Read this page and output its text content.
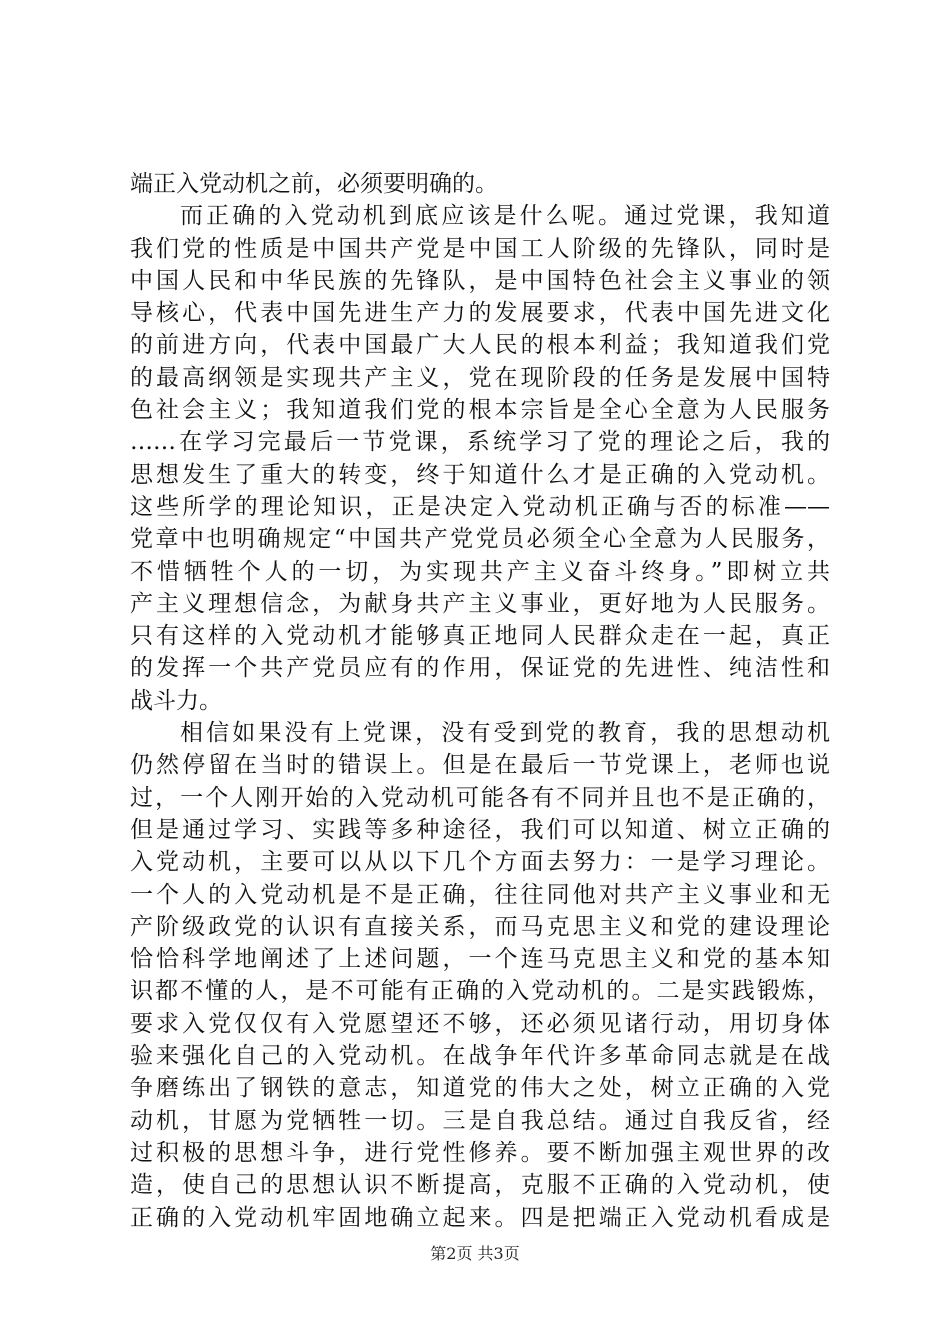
端正入党动机之前，必须要明确的。
而正确的入党动机到底应该是什么呢。通过党课，我知道
我们党的性质是中国共产党是中国工人阶级的先锋队，同时是
中国人民和中华民族的先锋队，是中国特色社会主义事业的领
导核心，代表中国先进生产力的发展要求，代表中国先进文化
的前进方向，代表中国最广大人民的根本利益；我知道我们党
的最高纲领是实现共产主义，党在现阶段的任务是发展中国特
色社会主义；我知道我们党的根本宗旨是全心全意为人民服务
……在学习完最后一节党课，系统学习了党的理论之后，我的
思想发生了重大的转变，终于知道什么才是正确的入党动机。
这些所学的理论知识，正是决定入党动机正确与否的标准——
党章中也明确规定“中国共产党党员必须全心全意为人民服务，
不惜牺牲个人的一切，为实现共产主义奋斗终身。”即树立共
产主义理想信念，为献身共产主义事业，更好地为人民服务。
只有这样的入党动机才能够真正地同人民群众走在一起，真正
的发挥一个共产党员应有的作用，保证党的先进性、纯洁性和
战斗力。
相信如果没有上党课，没有受到党的教育，我的思想动机
仍然停留在当时的错误上。但是在最后一节党课上，老师也说
过，一个人刚开始的入党动机可能各有不同并且也不是正确的，
但是通过学习、实践等多种途径，我们可以知道、树立正确的
入党动机，主要可以从以下几个方面去努力：一是学习理论。
一个人的入党动机是不是正确，往往同他对共产主义事业和无
产阶级政党的认识有直接关系，而马克思主义和党的建设理论
恰恰科学地阐述了上述问题，一个连马克思主义和党的基本知
识都不懂的人，是不可能有正确的入党动机的。二是实践锻炼，
要求入党仅仅有入党愿望还不够，还必须见诸行动，用切身体
验来强化自己的入党动机。在战争年代许多革命同志就是在战
争磨练出了钢铁的意志，知道党的伟大之处，树立正确的入党
动机，甘愿为党牺牲一切。三是自我总结。通过自我反省，经
过积极的思想斗争，进行党性修养。要不断加强主观世界的改
造，使自己的思想认识不断提高，克服不正确的入党动机，使
正确的入党动机牢固地确立起来。四是把端正入党动机看成是
第2页 共3页
